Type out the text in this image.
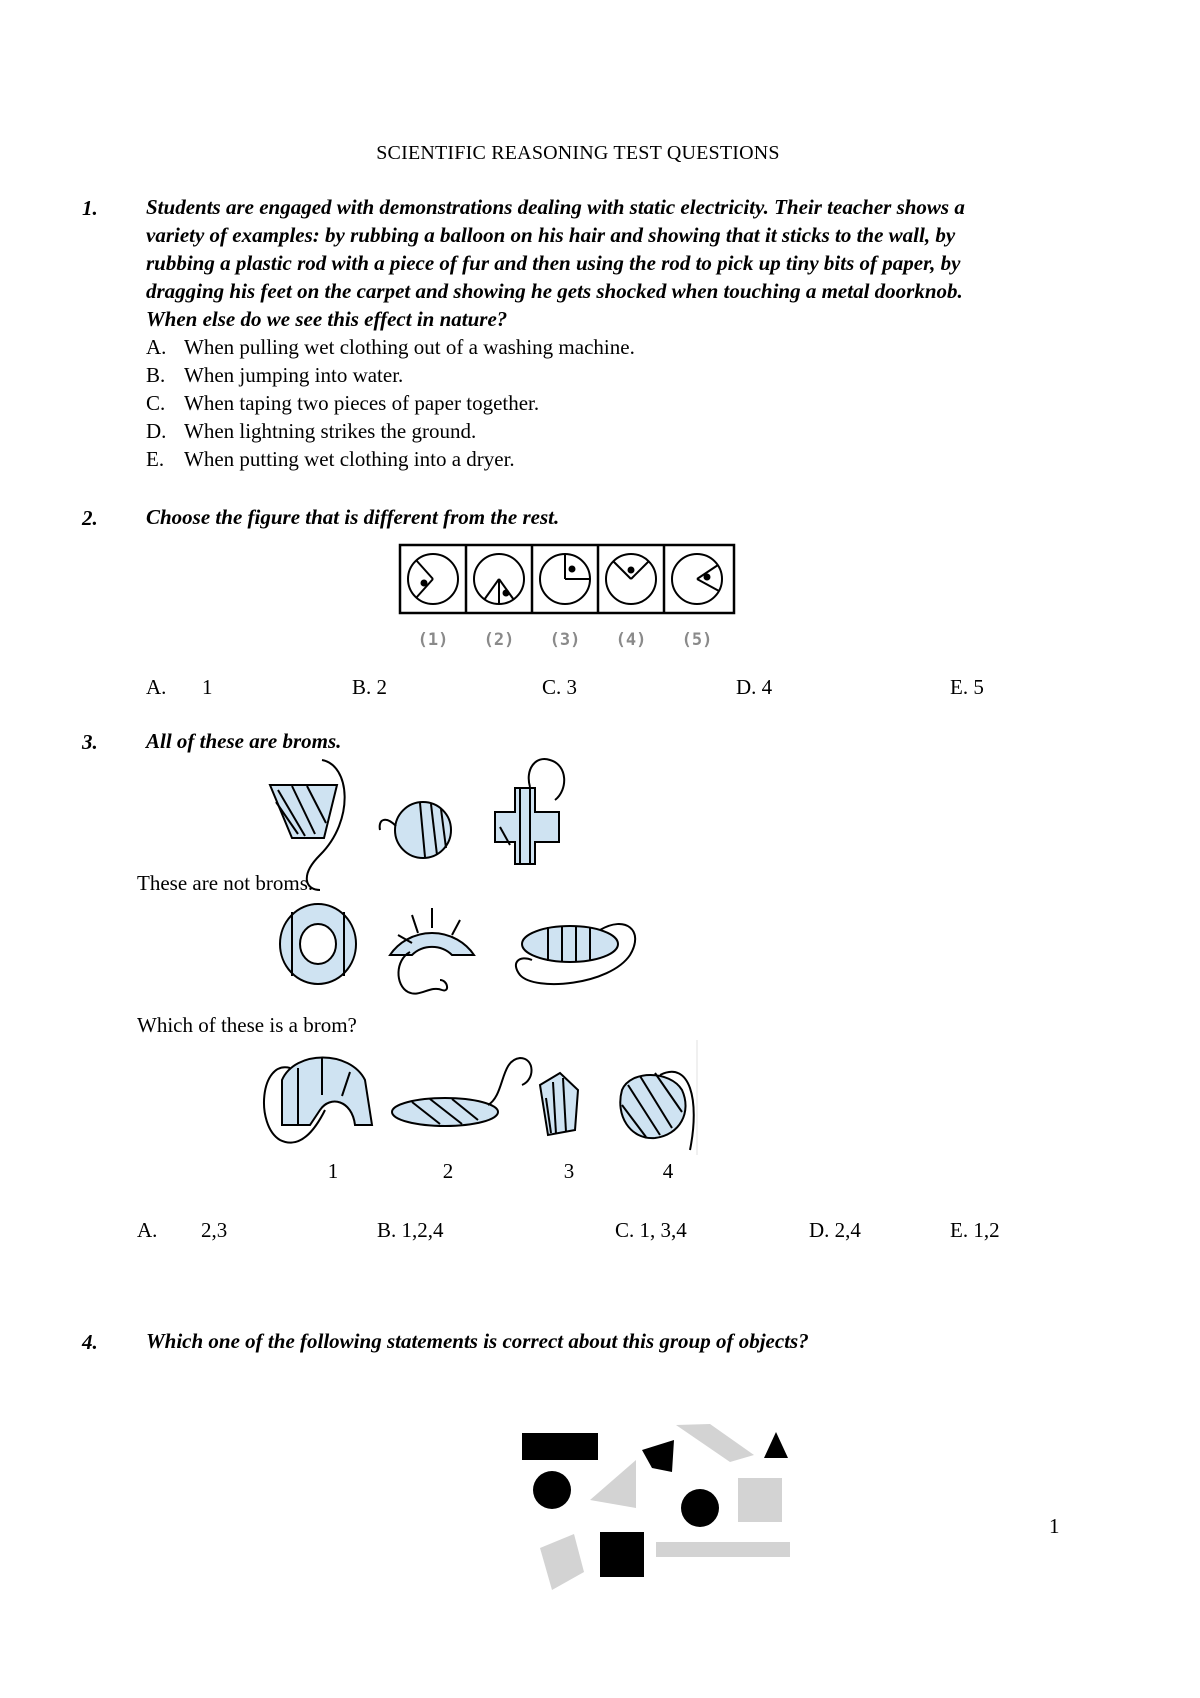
SCIENTIFIC REASONING TEST QUESTIONS
1. Students are engaged with demonstrations dealing with static electricity. Their teacher shows a
variety of examples: by rubbing a balloon on his hair and showing that it sticks to the wall, by
rubbing a plastic rod with a piece of fur and then using the rod to pick up tiny bits of paper, by
dragging his feet on the carpet and showing he gets shocked when touching a metal doorknob.
When else do we see this effect in nature?
A. When pulling wet clothing out of a washing machine.
B. When jumping into water.
C. When taping two pieces of paper together.
D. When lightning strikes the ground.
E. When putting wet clothing into a dryer.
2. Choose the figure that is different from the rest.
(1) (2) (3) (4) (5)
1	2	3	4
A. 1	B. 2	C. 3	D. 4	E. 5
3. All of these are broms.
These are not broms.
Which of these is a brom?
A. 2,3	B. 1,2,4	C. 1, 3,4	D. 2,4	E. 1,2
4. Which one of the following statements is correct about this group of objects?
1
